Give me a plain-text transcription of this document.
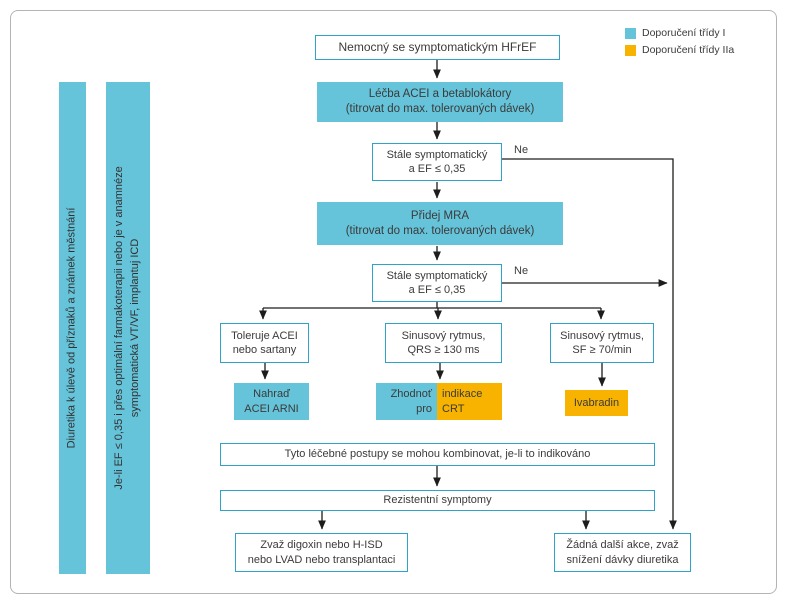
Diuretika k úlevě od příznaků a známek městnání	Je-li EF ≤ 0,35 i přes optimální farmakoterapii nebo je v anamnéze symptomatická VT/VF, implantuj ICD
Doporučení třídy I
Doporučení třídy IIa
Nemocný se symptomatickým HFrEF
Léčba ACEI a betablokátory
(titrovat do max. tolerovaných dávek)
Stále symptomatický
a EF ≤ 0,35
Ne
Přidej MRA
(titrovat do max. tolerovaných dávek)
Stále symptomatický
a EF ≤ 0,35
Ne
Toleruje ACEI
nebo sartany
Sinusový rytmus,
QRS ≥ 130 ms
Sinusový rytmus,
SF ≥ 70/min
Nahraď
ACEI ARNI
Zhodnoť
pro
indikace
CRT	Ivabradin
Tyto léčebné postupy se mohou kombinovat, je-li to indikováno
Rezistentní symptomy
Zvaž digoxin nebo H-ISD
nebo LVAD nebo transplantaci
Žádná další akce, zvaž
snížení dávky diuretika
